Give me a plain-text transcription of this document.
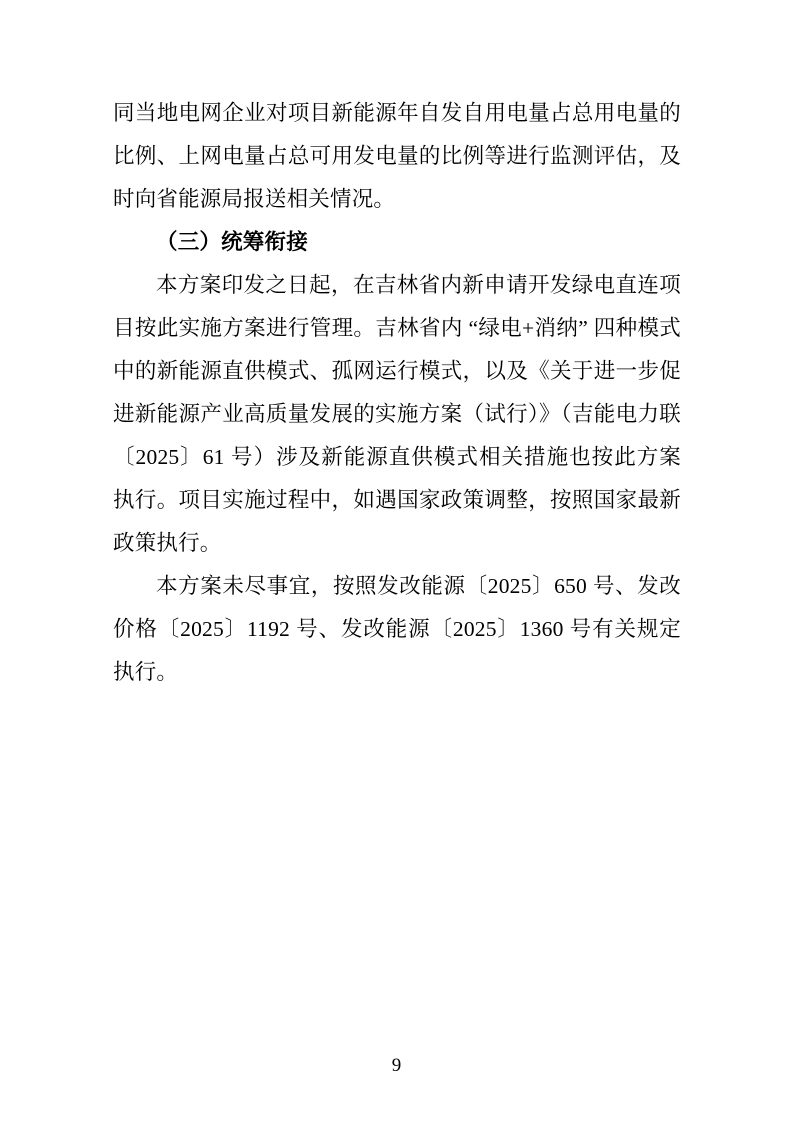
同当地电网企业对项目新能源年自发自用电量占总用电量的比例、上网电量占总可用发电量的比例等进行监测评估，及时向省能源局报送相关情况。

（三）统筹衔接

本方案印发之日起，在吉林省内新申请开发绿电直连项目按此实施方案进行管理。吉林省内 “绿电+消纳” 四种模式中的新能源直供模式、孤网运行模式，以及《关于进一步促进新能源产业高质量发展的实施方案（试行）》（吉能电力联〔2025〕61 号）涉及新能源直供模式相关措施也按此方案执行。项目实施过程中，如遇国家政策调整，按照国家最新政策执行。

本方案未尽事宜，按照发改能源〔2025〕650 号、发改价格〔2025〕1192 号、发改能源〔2025〕1360 号有关规定执行。

9
